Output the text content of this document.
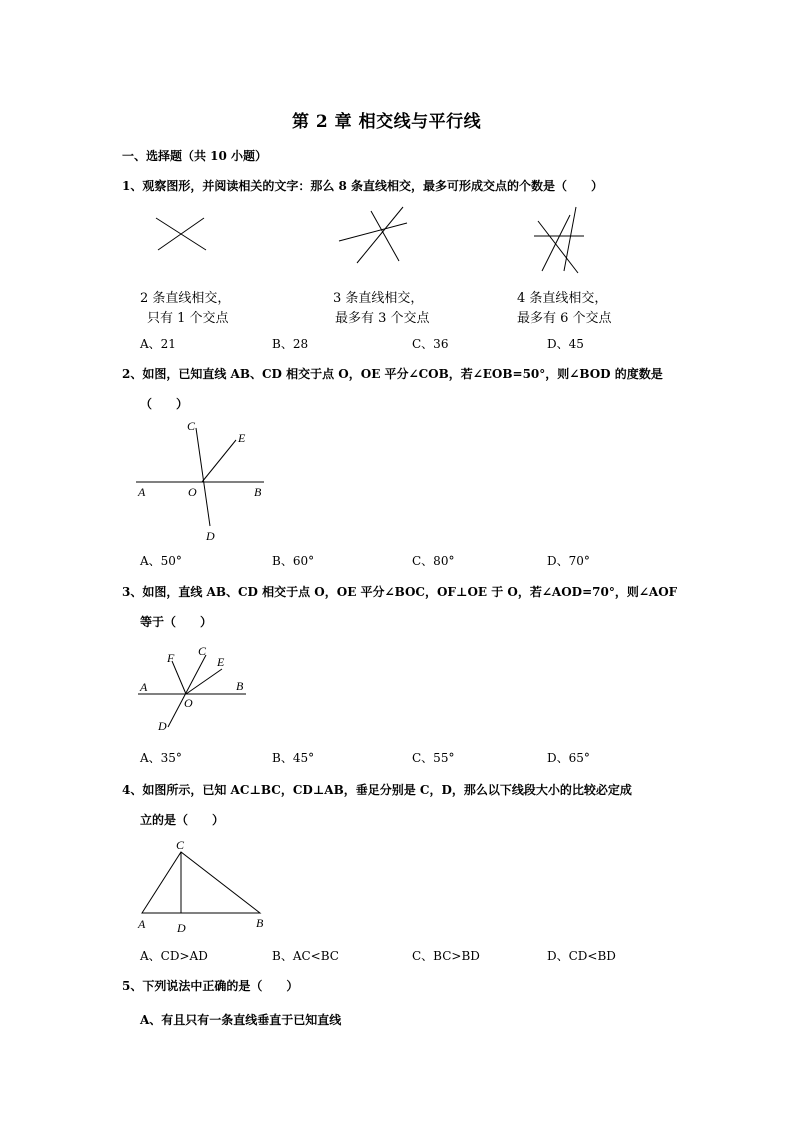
第 2 章 相交线与平行线
一、选择题（共 10 小题）
1、观察图形，并阅读相关的文字：那么 8 条直线相交，最多可形成交点的个数是（　　）
2 条直线相交，
只有 1 个交点
3 条直线相交，
最多有 3 个交点
4 条直线相交，
最多有 6 个交点
A、21	B、28	C、36	D、45
2、如图，已知直线 AB、CD 相交于点 O，OE 平分∠COB，若∠EOB=50°，则∠BOD 的度数是
（　　）
C
E
A	O	B
D
A、50°	B、60°	C、80°	D、70°
3、如图，直线 AB、CD 相交于点 O，OE 平分∠BOC，OF⊥OE 于 O，若∠AOD=70°，则∠AOF
等于（　　）
F C
E
A	B
O
D
A、35°	B、45°	C、55°	D、65°
4、如图所示，已知 AC⊥BC，CD⊥AB，垂足分别是 C，D，那么以下线段大小的比较必定成
立的是（　　）
C
A	D	B
A、CD>AD	B、AC<BC	C、BC>BD	D、CD<BD
5、下列说法中正确的是（　　）
A、有且只有一条直线垂直于已知直线
